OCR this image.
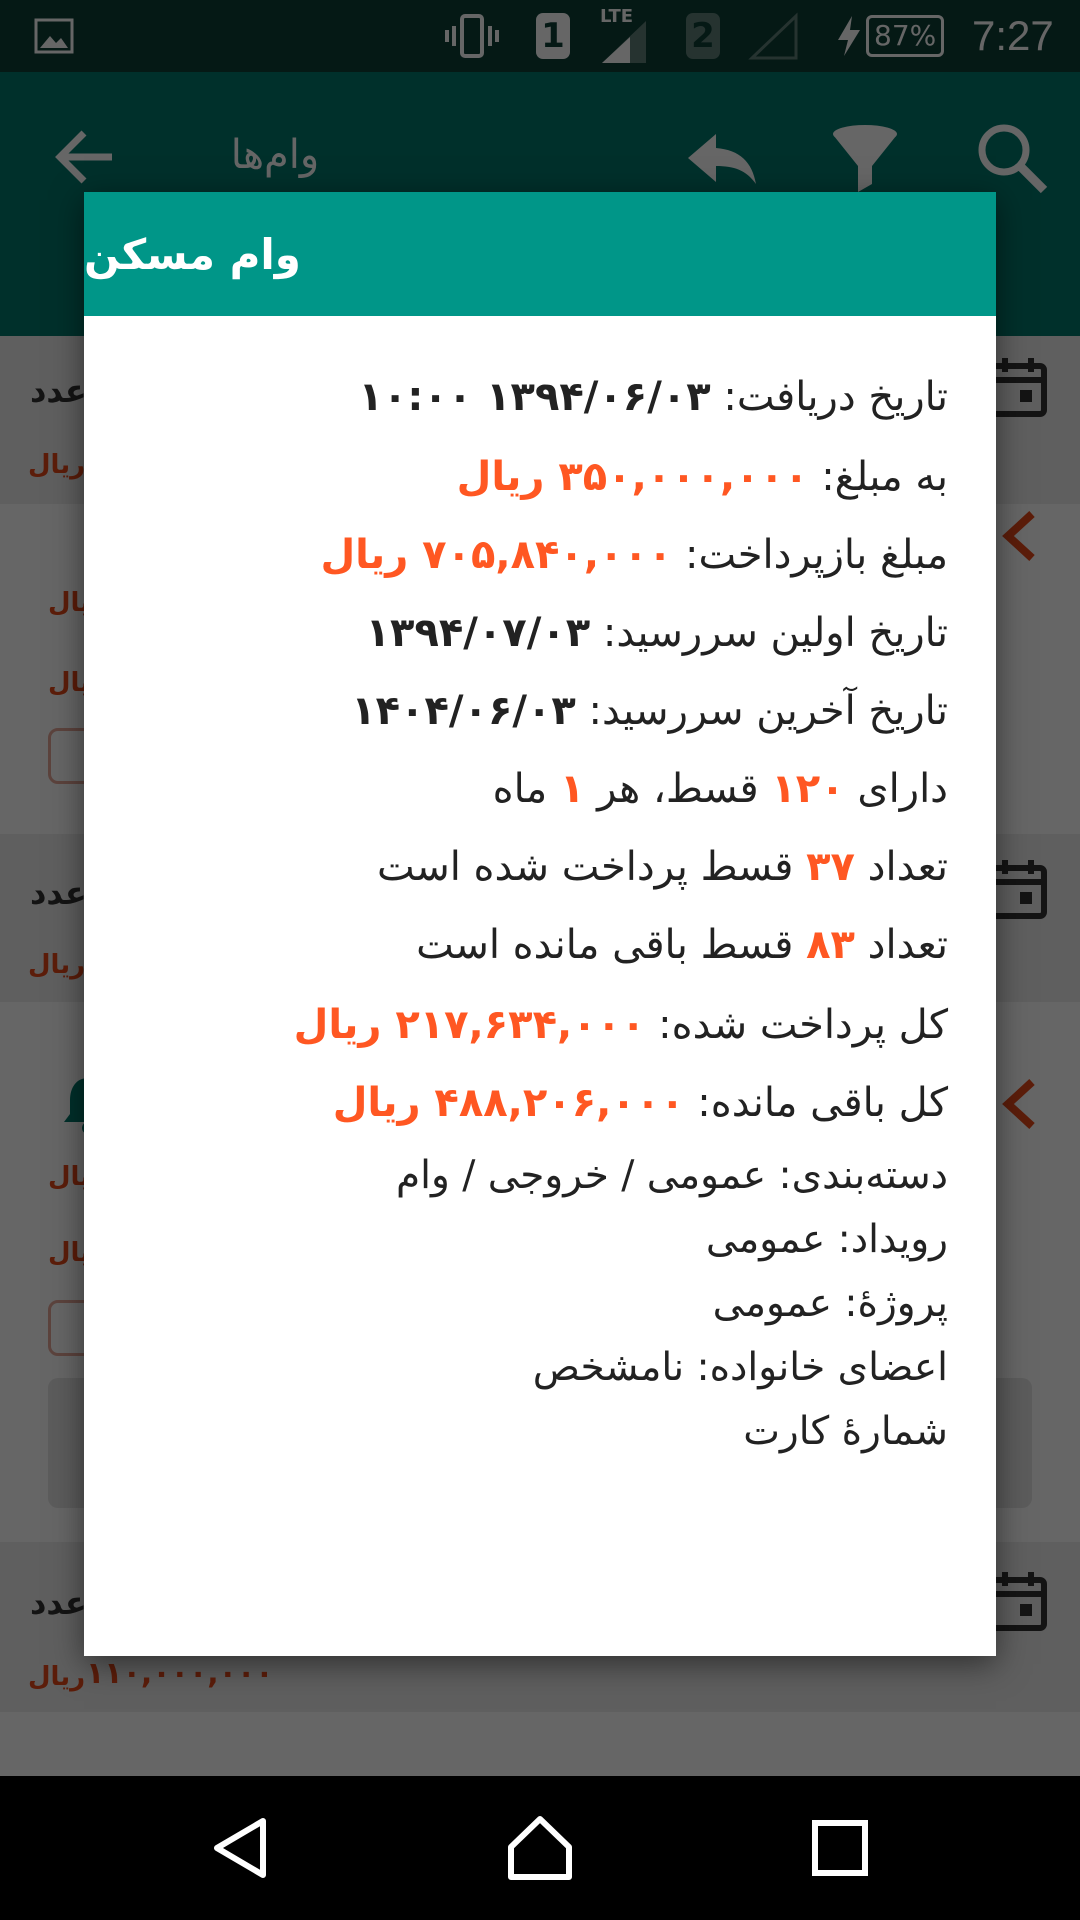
وام مسکن
تاریخ دریافت:

۱۳۹۴/۰۶/۰۳ ۱۰:۰۰
به مبلغ:

۳۵۰,۰۰۰,۰۰۰ ریال
مبلغ بازپرداخت:

۷۰۵,۸۴۰,۰۰۰ ریال
تاریخ اولین سررسید:

۱۳۹۴/۰۷/۰۳
تاریخ آخرین سررسید:

۱۴۰۴/۰۶/۰۳
دارای

۱۲۰

قسط، هر

۱

ماه
تعداد

۳۷

قسط پرداخت شده است
تعداد

۸۳

قسط باقی مانده است
کل پرداخت شده:

۲۱۷,۶۳۴,۰۰۰ ریال
کل باقی مانده:

۴۸۸,۲۰۶,۰۰۰ ریال
دسته‌بندی: عمومی / خروجی / وام
رویداد: عمومی
پروژهٔ: عمومی
اعضای خانواده: نامشخص
شمارهٔ کارت
